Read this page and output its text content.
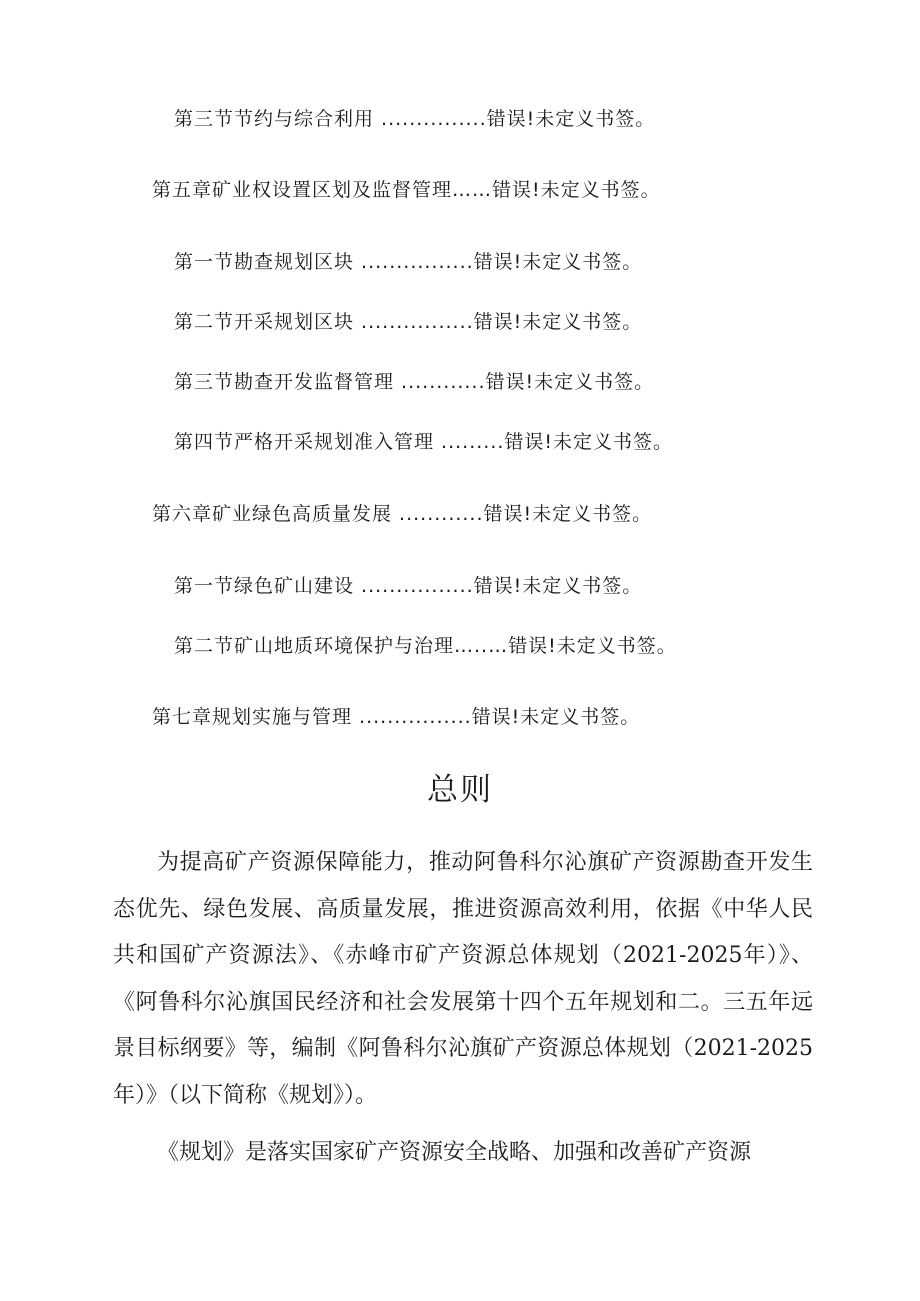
第三节节约与综合利用 ...............错误!未定义书签。
第五章矿业权设置区划及监督管理……错误!未定义书签。
第一节勘查规划区块 ................错误!未定义书签。
第二节开采规划区块 ................错误!未定义书签。
第三节勘查开发监督管理 ............错误!未定义书签。
第四节严格开采规划准入管理 .........错误!未定义书签。
第六章矿业绿色高质量发展 ............错误!未定义书签。
第一节绿色矿山建设 ................错误!未定义书签。
第二节矿山地质环境保护与治理…..…错误!未定义书签。
第七章规划实施与管理 ................错误!未定义书签。
总则

为提高矿产资源保障能力，推动阿鲁科尔沁旗矿产资源勘查开发生态优先、绿色发展、高质量发展，推进资源高效利用，依据《中华人民共和国矿产资源法》、《赤峰市矿产资源总体规划（2021-2025年）》、《阿鲁科尔沁旗国民经济和社会发展第十四个五年规划和二。三五年远景目标纲要》等，编制《阿鲁科尔沁旗矿产资源总体规划（2021-2025年）》（以下简称《规划》）。

《规划》是落实国家矿产资源安全战略、加强和改善矿产资源
